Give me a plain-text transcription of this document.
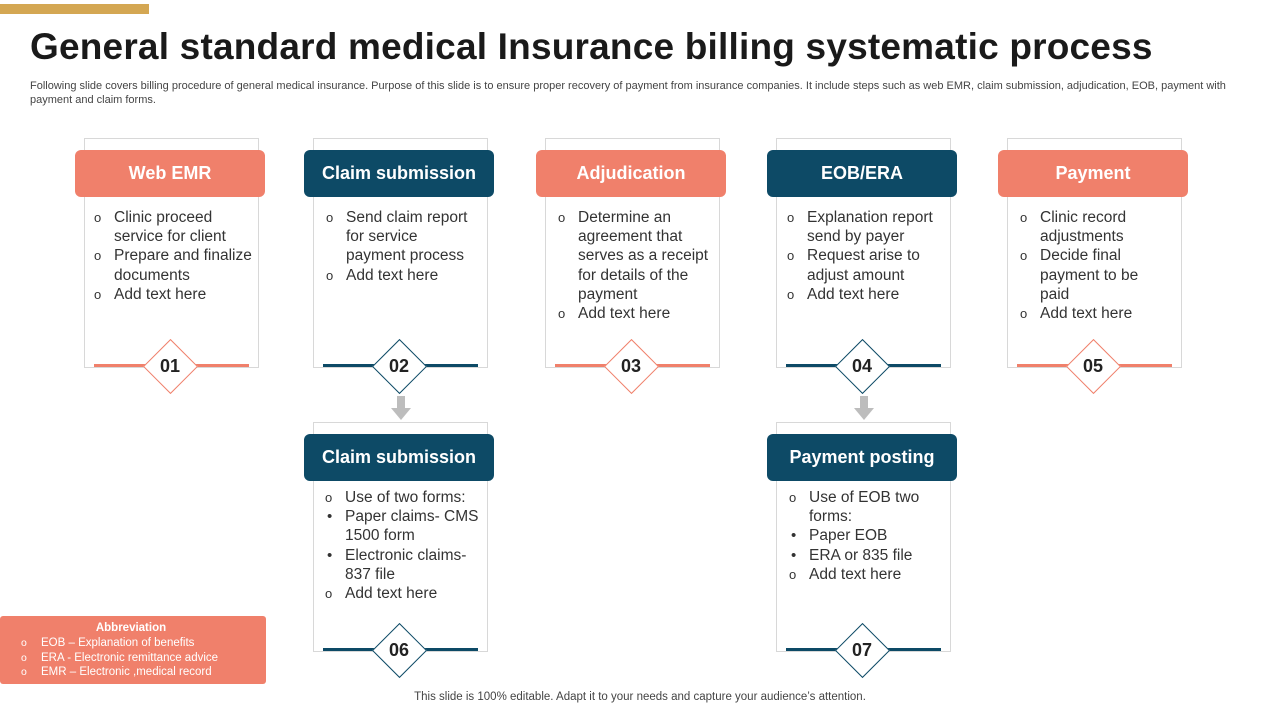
General standard medical Insurance billing systematic process
Following slide covers billing procedure of general medical insurance. Purpose of this slide is to ensure proper recovery of payment from insurance companies. It include steps such as web EMR, claim submission, adjudication, EOB, payment with payment and claim forms.
Web EMR
o Clinic proceed service for client
o Prepare and finalize documents
o Add text here
01
Claim submission
o Send claim report for service payment process
o Add text here
02
Adjudication
o Determine an agreement that serves as a receipt for details of the payment
o Add text here
03
EOB/ERA
o Explanation report send by payer
o Request arise to adjust amount
o Add text here
04
Payment
o Clinic record adjustments
o Decide final payment to be paid
o Add text here
05
Claim submission
o Use of two forms:
• Paper claims- CMS 1500 form
• Electronic claims- 837 file
o Add text here
06
Payment posting
o Use of EOB two forms:
• Paper EOB
• ERA or 835 file
o Add text here
07
Abbreviation
o EOB – Explanation of benefits
o ERA - Electronic remittance advice
o EMR – Electronic ,medical record
This slide is 100% editable. Adapt it to your needs and capture your audience’s attention.
